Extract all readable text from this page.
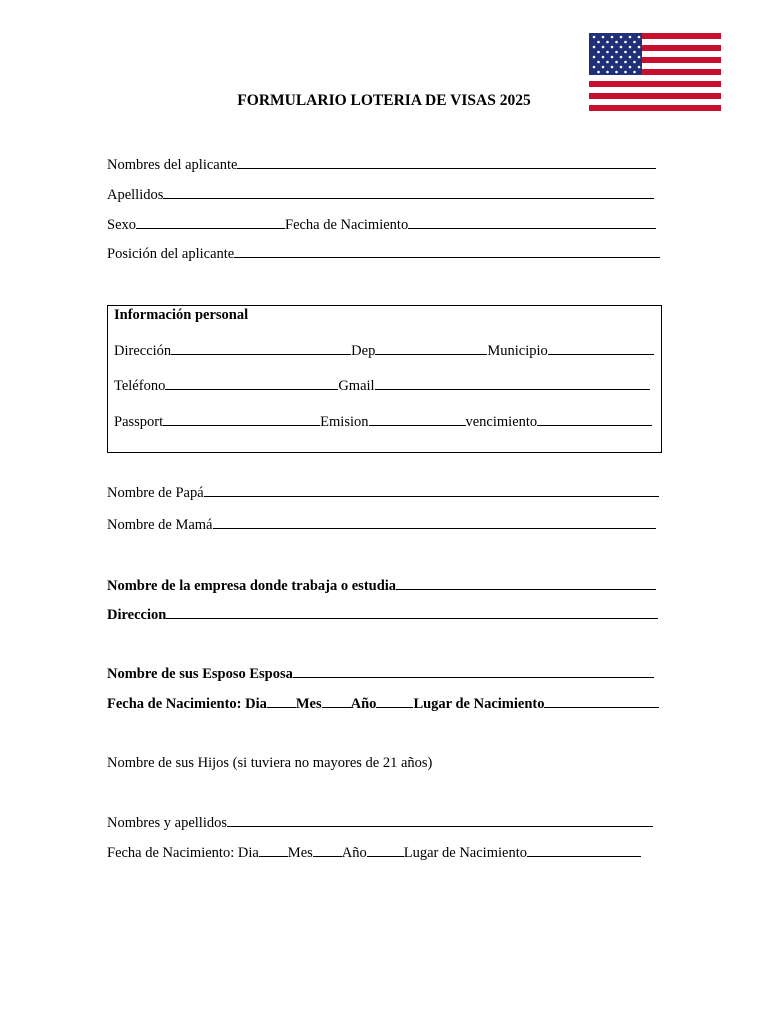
FORMULARIO LOTERIA DE VISAS 2025
Nombres del aplicante
Apellidos
Sexo	Fecha de Nacimiento
Posición del aplicante
Información personal
Dirección	Dep	Municipio
Teléfono	Gmail
Passport	Emision	vencimiento
Nombre de Papá
Nombre de Mamá
Nombre de la empresa donde trabaja o estudia
Direccion
Nombre de sus Esposo Esposa
Fecha de Nacimiento: Dia Mes Año	Lugar de Nacimiento
Nombre de sus Hijos (si tuviera no mayores de 21 años)
Nombres y apellidos
Fecha de Nacimiento: Dia Mes Año	Lugar de Nacimiento
